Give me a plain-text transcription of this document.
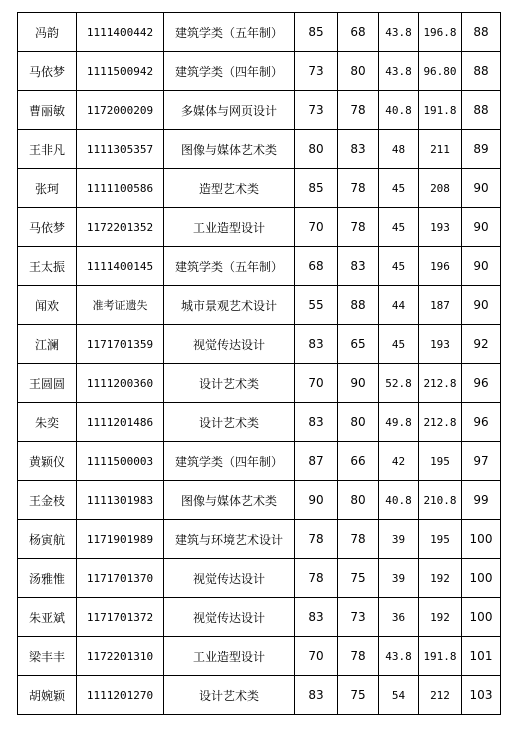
冯韵	1111400442	建筑学类（五年制）	85	68	43.8	196.8	88
马依梦	1111500942	建筑学类（四年制）	73	80	43.8	96.80	88
曹丽敏	1172000209	多媒体与网页设计	73	78	40.8	191.8	88
王非凡	1111305357	图像与媒体艺术类	80	83	48	211	89
张珂	1111100586	造型艺术类	85	78	45	208	90
马依梦	1172201352	工业造型设计	70	78	45	193	90
王太振	1111400145	建筑学类（五年制）	68	83	45	196	90
闻欢	准考证遗失	城市景观艺术设计	55	88	44	187	90
江澜	1171701359	视觉传达设计	83	65	45	193	92
王圆圆	1111200360	设计艺术类	70	90	52.8	212.8	96
朱奕	1111201486	设计艺术类	83	80	49.8	212.8	96
黄颖仪	1111500003	建筑学类（四年制）	87	66	42	195	97
王金枝	1111301983	图像与媒体艺术类	90	80	40.8	210.8	99
杨寅航	1171901989	建筑与环境艺术设计	78	78	39	195	100
汤雅惟	1171701370	视觉传达设计	78	75	39	192	100
朱亚斌	1171701372	视觉传达设计	83	73	36	192	100
梁丰丰	1172201310	工业造型设计	70	78	43.8	191.8	101
胡婉颖	1111201270	设计艺术类	83	75	54	212	103
